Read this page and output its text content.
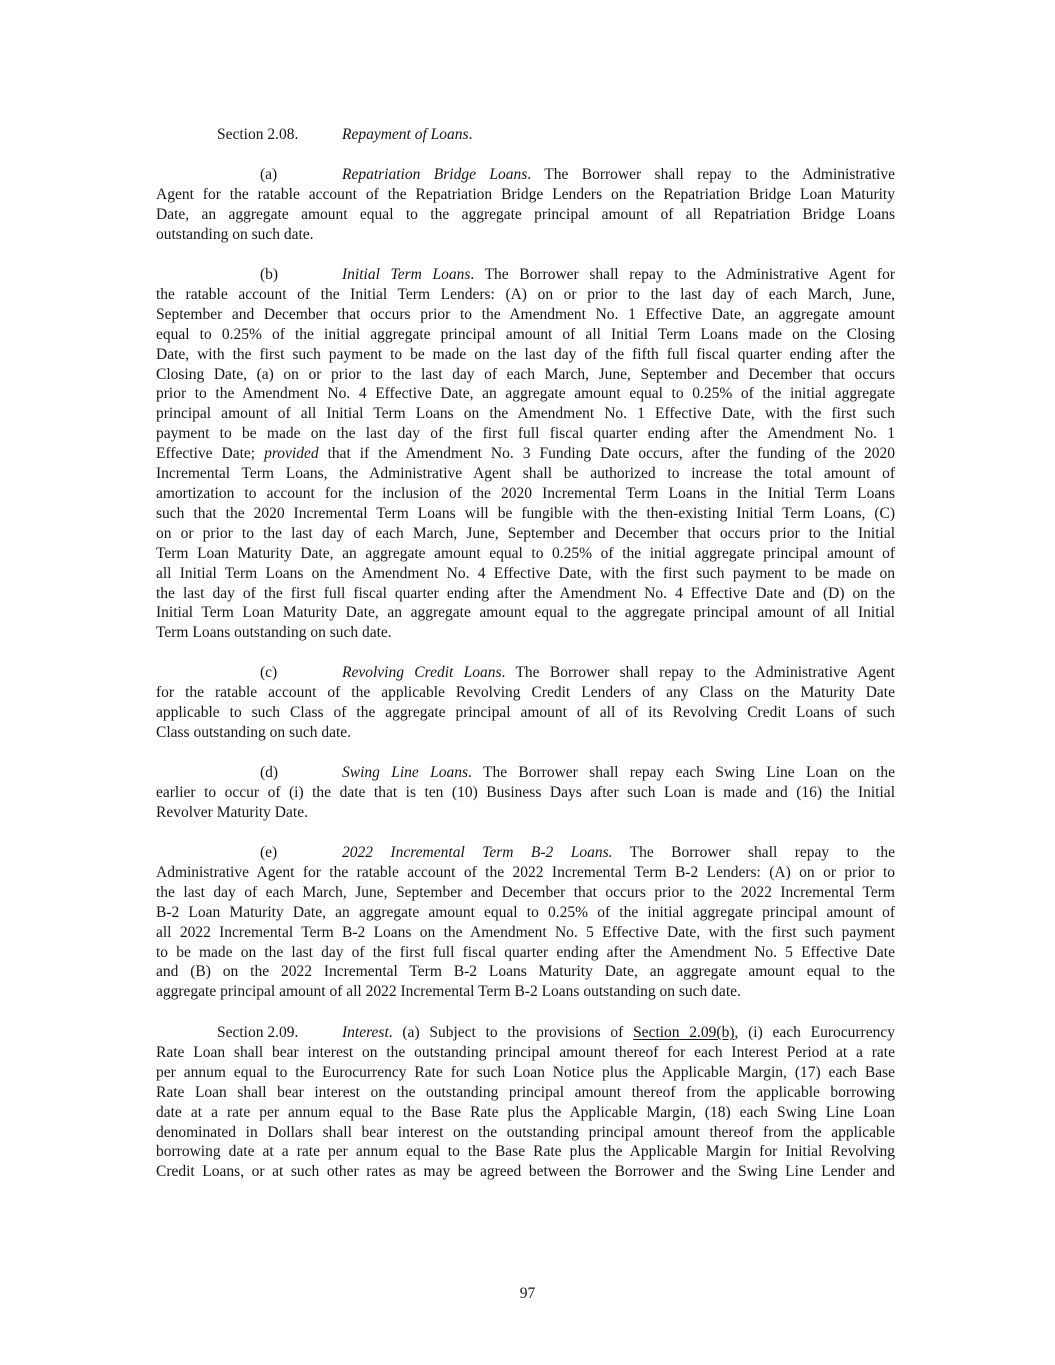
Section 2.08.	Repayment of Loans.
(a)	Repatriation Bridge Loans. The Borrower shall repay to the Administrative
Agent for the ratable account of the Repatriation Bridge Lenders on the Repatriation Bridge Loan Maturity
Date, an aggregate amount equal to the aggregate principal amount of all Repatriation Bridge Loans
outstanding on such date.
(b)	Initial Term Loans. The Borrower shall repay to the Administrative Agent for
the ratable account of the Initial Term Lenders: (A) on or prior to the last day of each March, June,
September and December that occurs prior to the Amendment No. 1 Effective Date, an aggregate amount
equal to 0.25% of the initial aggregate principal amount of all Initial Term Loans made on the Closing
Date, with the first such payment to be made on the last day of the fifth full fiscal quarter ending after the
Closing Date, (a) on or prior to the last day of each March, June, September and December that occurs
prior to the Amendment No. 4 Effective Date, an aggregate amount equal to 0.25% of the initial aggregate
principal amount of all Initial Term Loans on the Amendment No. 1 Effective Date, with the first such
payment to be made on the last day of the first full fiscal quarter ending after the Amendment No. 1
Effective Date; provided that if the Amendment No. 3 Funding Date occurs, after the funding of the 2020
Incremental Term Loans, the Administrative Agent shall be authorized to increase the total amount of
amortization to account for the inclusion of the 2020 Incremental Term Loans in the Initial Term Loans
such that the 2020 Incremental Term Loans will be fungible with the then-existing Initial Term Loans, (C)
on or prior to the last day of each March, June, September and December that occurs prior to the Initial
Term Loan Maturity Date, an aggregate amount equal to 0.25% of the initial aggregate principal amount of
all Initial Term Loans on the Amendment No. 4 Effective Date, with the first such payment to be made on
the last day of the first full fiscal quarter ending after the Amendment No. 4 Effective Date and (D) on the
Initial Term Loan Maturity Date, an aggregate amount equal to the aggregate principal amount of all Initial
Term Loans outstanding on such date.
(c)	Revolving Credit Loans. The Borrower shall repay to the Administrative Agent
for the ratable account of the applicable Revolving Credit Lenders of any Class on the Maturity Date
applicable to such Class of the aggregate principal amount of all of its Revolving Credit Loans of such
Class outstanding on such date.
(d)	Swing Line Loans. The Borrower shall repay each Swing Line Loan on the
earlier to occur of (i) the date that is ten (10) Business Days after such Loan is made and (16) the Initial
Revolver Maturity Date.
(e)	2022 Incremental Term B-2 Loans. The Borrower shall repay to the
Administrative Agent for the ratable account of the 2022 Incremental Term B-2 Lenders: (A) on or prior to
the last day of each March, June, September and December that occurs prior to the 2022 Incremental Term
B-2 Loan Maturity Date, an aggregate amount equal to 0.25% of the initial aggregate principal amount of
all 2022 Incremental Term B-2 Loans on the Amendment No. 5 Effective Date, with the first such payment
to be made on the last day of the first full fiscal quarter ending after the Amendment No. 5 Effective Date
and (B) on the 2022 Incremental Term B-2 Loans Maturity Date, an aggregate amount equal to the
aggregate principal amount of all 2022 Incremental Term B-2 Loans outstanding on such date.
Section 2.09.	Interest. (a) Subject to the provisions of Section 2.09(b), (i) each Eurocurrency
Rate Loan shall bear interest on the outstanding principal amount thereof for each Interest Period at a rate
per annum equal to the Eurocurrency Rate for such Loan Notice plus the Applicable Margin, (17) each Base
Rate Loan shall bear interest on the outstanding principal amount thereof from the applicable borrowing
date at a rate per annum equal to the Base Rate plus the Applicable Margin, (18) each Swing Line Loan
denominated in Dollars shall bear interest on the outstanding principal amount thereof from the applicable
borrowing date at a rate per annum equal to the Base Rate plus the Applicable Margin for Initial Revolving
Credit Loans, or at such other rates as may be agreed between the Borrower and the Swing Line Lender and
97
